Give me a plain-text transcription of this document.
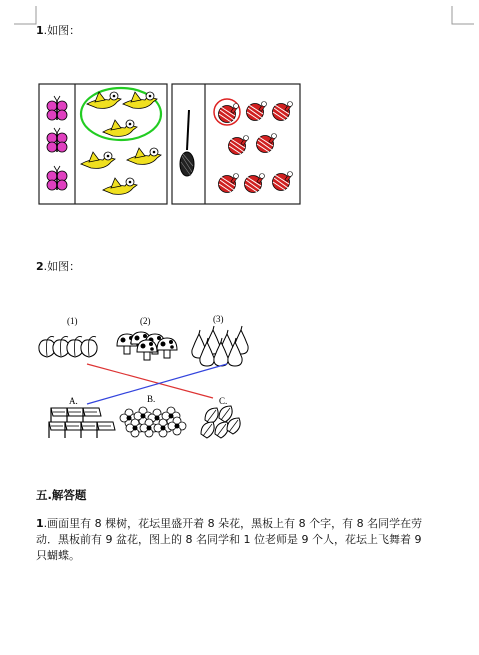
1.如图：
2.如图：
(1)	(2)	(3)
A.	B.	C.
五.解答题
1.画面里有 8 棵树，花坛里盛开着 8 朵花，黑板上有 8 个字，有 8 名同学在劳
动．黑板前有 9 盆花，图上的 8 名同学和 1 位老师是 9 个人，花坛上飞舞着 9
只蝴蝶。
